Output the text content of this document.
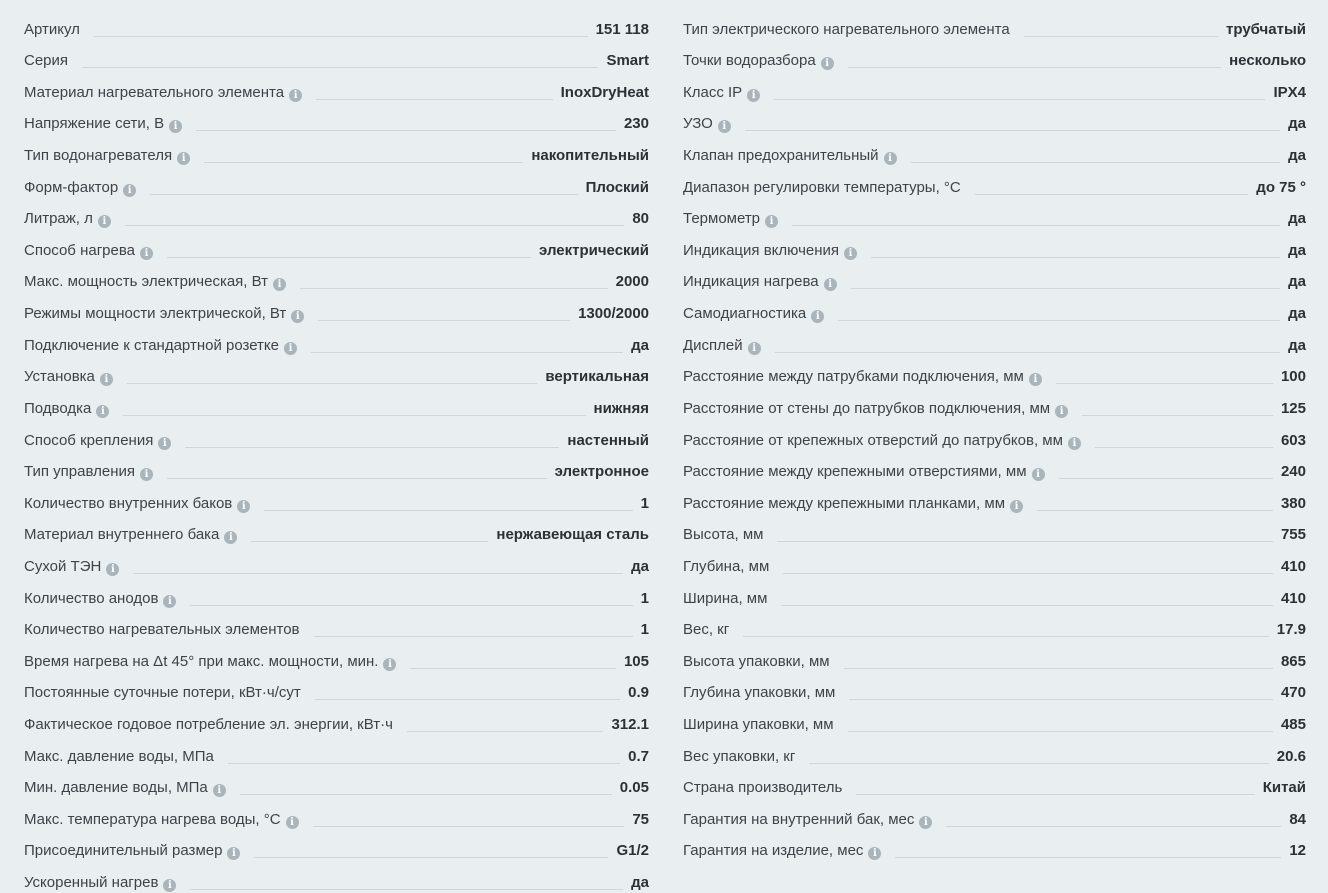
Артикул	151 118
Серия	Smart
Материал нагревательного элемента i	InoxDryHeat
Напряжение сети, В i	230
Тип водонагревателя i	накопительный
Форм-фактор i	Плоский
Литраж, л i	80
Способ нагрева i	электрический
Макс. мощность электрическая, Вт i	2000
Режимы мощности электрической, Вт i	1300/2000
Подключение к стандартной розетке i	да
Установка i	вертикальная
Подводка i	нижняя
Способ крепления i	настенный
Тип управления i	электронное
Количество внутренних баков i	1
Материал внутреннего бака i	нержавеющая сталь
Сухой ТЭН i	да
Количество анодов i	1
Количество нагревательных элементов	1
Время нагрева на Δt 45° при макс. мощности, мин. i	105
Постоянные суточные потери, кВт·ч/сут	0.9
Фактическое годовое потребление эл. энергии, кВт·ч	312.1
Макс. давление воды, МПа	0.7
Мин. давление воды, МПа i	0.05
Макс. температура нагрева воды, °С i	75
Присоединительный размер i	G1/2
Ускоренный нагрев i	да
Тип электрического нагревательного элемента	трубчатый
Точки водоразбора i	несколько
Класс IP i	IPX4
УЗО i	да
Клапан предохранительный i	да
Диапазон регулировки температуры, °С	до 75 °
Термометр i	да
Индикация включения i	да
Индикация нагрева i	да
Самодиагностика i	да
Дисплей i	да
Расстояние между патрубками подключения, мм i	100
Расстояние от стены до патрубков подключения, мм i	125
Расстояние от крепежных отверстий до патрубков, мм i	603
Расстояние между крепежными отверстиями, мм i	240
Расстояние между крепежными планками, мм i	380
Высота, мм	755
Глубина, мм	410
Ширина, мм	410
Вес, кг	17.9
Высота упаковки, мм	865
Глубина упаковки, мм	470
Ширина упаковки, мм	485
Вес упаковки, кг	20.6
Страна производитель	Китай
Гарантия на внутренний бак, мес i	84
Гарантия на изделие, мес i	12
